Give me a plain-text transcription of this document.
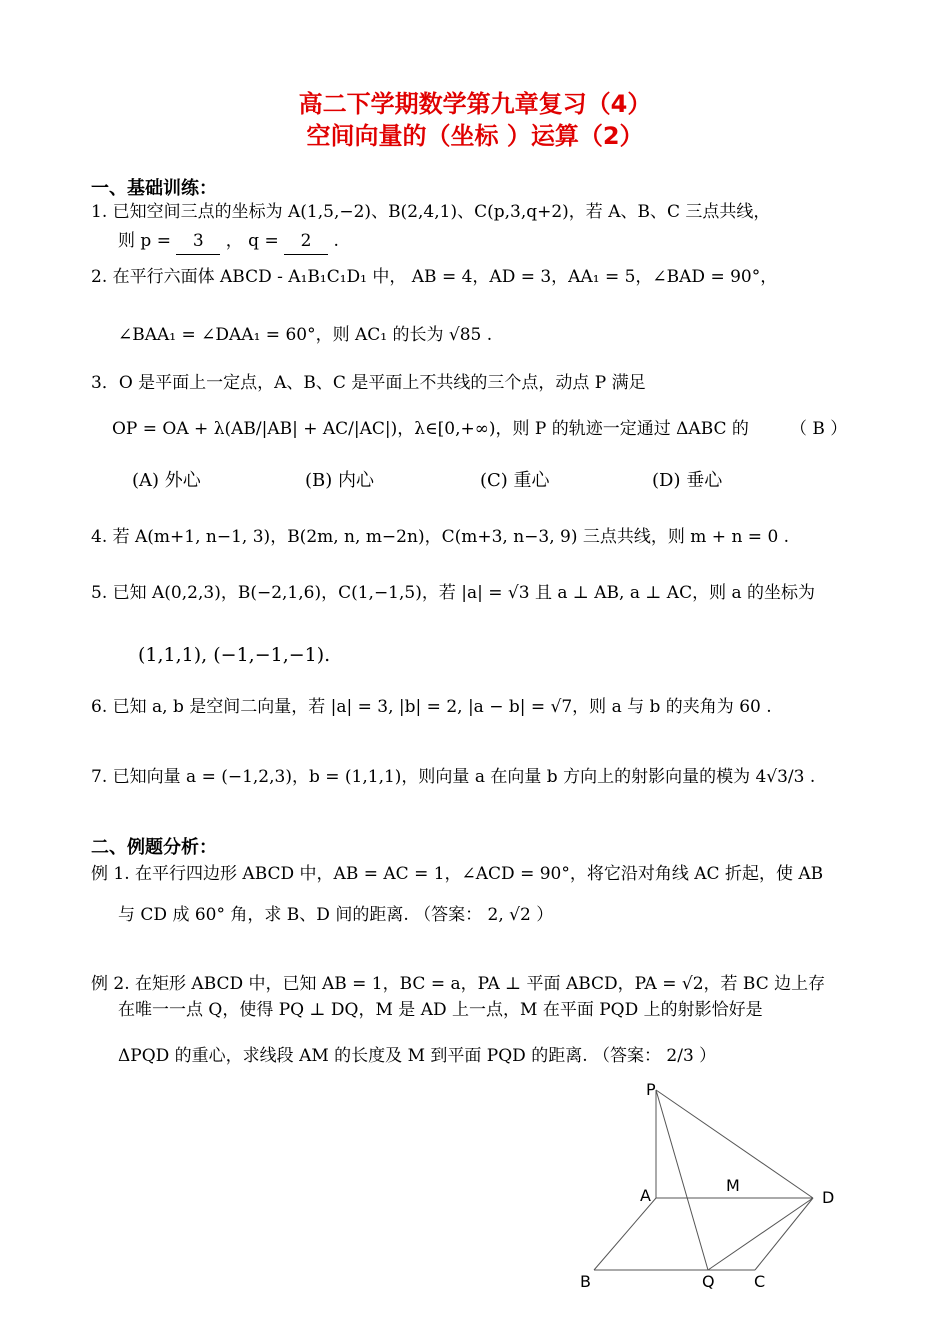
高二下学期数学第九章复习（4）
空间向量的（坐标 ）运算（2）
一、基础训练：
1. 已知空间三点的坐标为 A(1,5,−2)、B(2,4,1)、C(p,3,q+2)，若 A、B、C 三点共线，
则 p = 3 ， q = 2 .
2. 在平行六面体 ABCD - A₁B₁C₁D₁ 中， AB = 4，AD = 3，AA₁ = 5，∠BAD = 90°，
∠BAA₁ = ∠DAA₁ = 60°，则 AC₁ 的长为 √85 .
3．O 是平面上一定点，A、B、C 是平面上不共线的三个点，动点 P 满足
OP = OA + λ(AB/|AB| + AC/|AC|)，λ∈[0,+∞)，则 P 的轨迹一定通过 ΔABC 的	（ B ）
(A) 外心	(B) 内心	(C) 重心	(D) 垂心
4. 若 A(m+1, n−1, 3)，B(2m, n, m−2n)，C(m+3, n−3, 9) 三点共线，则 m + n = 0 .
5. 已知 A(0,2,3)，B(−2,1,6)，C(1,−1,5)，若 |a| = √3 且 a ⊥ AB, a ⊥ AC，则 a 的坐标为
(1,1,1), (−1,−1,−1).
6. 已知 a, b 是空间二向量，若 |a| = 3, |b| = 2, |a − b| = √7，则 a 与 b 的夹角为 60 .
7. 已知向量 a = (−1,2,3)，b = (1,1,1)，则向量 a 在向量 b 方向上的射影向量的模为 4√3/3 .
二、例题分析：
例 1. 在平行四边形 ABCD 中，AB = AC = 1，∠ACD = 90°，将它沿对角线 AC 折起，使 AB
与 CD 成 60° 角，求 B、D 间的距离. （答案： 2, √2 ）
例 2. 在矩形 ABCD 中，已知 AB = 1，BC = a，PA ⊥ 平面 ABCD，PA = √2，若 BC 边上存
在唯一一点 Q，使得 PQ ⊥ DQ，M 是 AD 上一点，M 在平面 PQD 上的射影恰好是
ΔPQD 的重心，求线段 AM 的长度及 M 到平面 PQD 的距离. （答案： 2/3 ）
P
A
M
D
B	Q C
